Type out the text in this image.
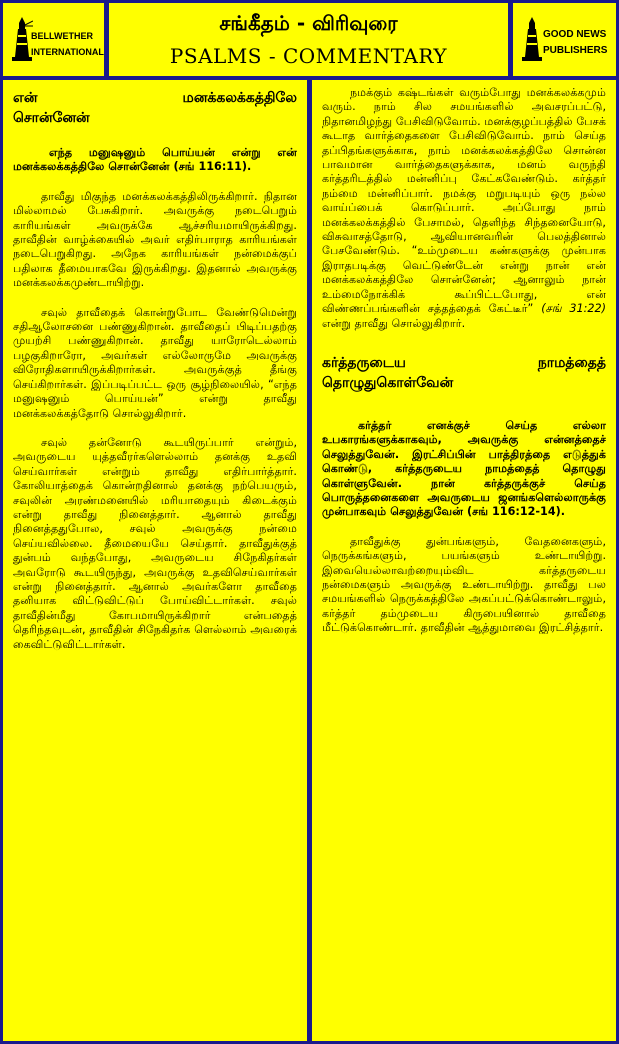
BELLWETHER
INTERNATIONAL
சங்கீதம் - விரிவுரை
PSALMS - COMMENTARY
GOOD NEWS
PUBLISHERS
என் மனக்கலக்கத்திலே
சொன்னேன்

எந்த மனுஷனும் பொய்யன் என்று என் மனக்கலக்கத்திலே சொன்னேன் (சங் 116:11).

தாவீது மிகுந்த மனக்கலக்கத்திலிருக்கிறார். நிதான மில்லாமல் பேசுகிறார். அவருக்கு நடைபெறும் காரியங்கள் அவருக்கே ஆச்சரியமாயிருக்கிறது. தாவீதின் வாழ்க்கையில் அவர் எதிர்பாராத காரியங்கள் நடைபெறுகிறது. அநேக காரியங்கள் நன்மைக்குப் பதிலாக தீமையாகவே இருக்கிறது. இதனால் அவருக்கு மனக்கலக்கமுண்டாயிற்று.

சவுல் தாவீதைக் கொன்றுபோட வேண்டுமென்று சதிஆலோசனை பண்ணுகிறான். தாவீதைப் பிடிப்பதற்கு முயற்சி பண்ணுகிறான். தாவீது யாரோடெல்லாம் பழகுகிறாரோ, அவர்கள் எல்லோருமே அவருக்கு விரோதிகளாயிருக்கிறார்கள். அவருக்குத் தீங்கு செய்கிறார்கள். இப்படிப்பட்ட ஒரு சூழ்நிலையில், “எந்த மனுஷனும் பொய்யன்” என்று தாவீது மனக்கலக்கத்தோடு சொல்லுகிறார்.

சவுல் தன்னோடு கூடயிருப்பார் என்றும், அவருடைய யுத்தவீரர்களெல்லாம் தனக்கு உதவி செய்வார்கள் என்றும் தாவீது எதிர்பார்த்தார். கோலியாத்தைக் கொன்றதினால் தனக்கு நற்பெயரும், சவுலின் அரண்மனையில் மரியாதையும் கிடைக்கும் என்று தாவீது நினைத்தார். ஆனால் தாவீது நினைத்ததுபோல, சவுல் அவருக்கு நன்மை செய்யவில்லை. தீமையையே செய்தார். தாவீதுக்குத் துன்பம் வந்தபோது, அவருடைய சிநேகிதர்கள் அவரோடு கூடயிருந்து, அவருக்கு உதவிசெய்வார்கள் என்று நினைத்தார். ஆனால் அவர்களோ தாவீதை தனியாக விட்டுவிட்டுப் போய்விட்டார்கள். சவுல் தாவீதின்மீது கோபமாயிருக்கிறார் என்பதைத் தெரிந்தவுடன், தாவீதின் சிநேகிதர்க ளெல்லாம் அவரைக் கைவிட்டுவிட்டார்கள்.

நமக்கும் கஷ்டங்கள் வரும்போது மனக்கலக்கமும் வரும். நாம் சில சமயங்களில் அவசரப்பட்டு, நிதானமிழந்து பேசிவிடுவோம். மனக்குழப்பத்தில் பேசக் கூடாத வார்த்தைகளை பேசிவிடுவோம். நாம் செய்த தப்பிதங்களுக்காக, நாம் மனக்கலக்கத்திலே சொன்ன பாவமான வார்த்தைகளுக்காக, மனம் வருந்தி கர்த்தரிடத்தில் மன்னிப்பு கேட்கவேண்டும். கர்த்தர் நம்மை மன்னிப்பார். நமக்கு மறுபடியும் ஒரு நல்ல வாய்ப்பைக் கொடுப்பார். அப்போது நாம் மனக்கலக்கத்தில் பேசாமல், தெளிந்த சிந்தனையோடு, விசுவாசத்தோடு, ஆவியானவரின் பெலத்தினால் பேசவேண்டும். “உம்முடைய கண்களுக்கு முன்பாக இராதபடிக்கு வெட்டுண்டேன் என்று நான் என் மனக்கலக்கத்திலே சொன்னேன்; ஆனாலும் நான் உம்மைநோக்கிக் கூப்பிட்டபோது, என் விண்ணப்பங்களின் சத்தத்தைக் கேட்டீர்” (சங் 31:22) என்று தாவீது சொல்லுகிறார்.

கர்த்தருடைய நாமத்தைத்
தொழுதுகொள்வேன்

கர்த்தர் எனக்குச் செய்த எல்லா உபகாரங்களுக்காகவும், அவருக்கு என்னத்தைச் செலுத்துவேன். இரட்சிப்பின் பாத்திரத்தை எடுத்துக் கொண்டு, கர்த்தருடைய நாமத்தைத் தொழுது கொள்ளுவேன். நான் கர்த்தருக்குச் செய்த பொருத்தனைகளை அவருடைய ஜனங்களெல்லாருக்கு முன்பாகவும் செலுத்துவேன் (சங் 116:12-14).

தாவீதுக்கு துன்பங்களும், வேதனைகளும், நெருக்கங்களும், பயங்களும் உண்டாயிற்று. இவையெல்லாவற்றையும்விட கர்த்தருடைய நன்மைகளும் அவருக்கு உண்டாயிற்று. தாவீது பல சமயங்களில் நெருக்கத்திலே அகப்பட்டுக்கொண்டாலும், கர்த்தர் தம்முடைய கிருபையினால் தாவீதை மீட்டுக்கொண்டார். தாவீதின் ஆத்துமாவை இரட்சித்தார்.
